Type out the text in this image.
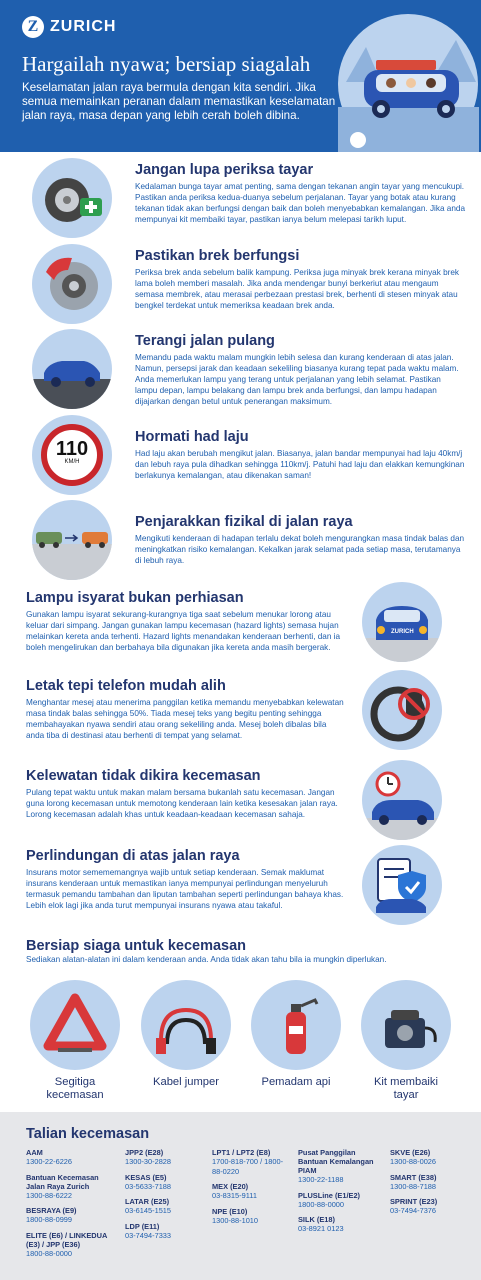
Z ZURICH
Hargailah nyawa; bersiap siagalah
Keselamatan jalan raya bermula dengan kita sendiri. Jika semua memainkan peranan dalam memastikan keselamatan jalan raya, masa depan yang lebih cerah boleh dibina.
Jangan lupa periksa tayar
Kedalaman bunga tayar amat penting, sama dengan tekanan angin tayar yang mencukupi. Pastikan anda periksa kedua-duanya sebelum perjalanan. Tayar yang botak atau kurang tekanan tidak akan berfungsi dengan baik dan boleh menyebabkan kemalangan. Jika anda mempunyai kit membaiki tayar, pastikan ianya belum melepasi tarikh luput.
Pastikan brek berfungsi
Periksa brek anda sebelum balik kampung. Periksa juga minyak brek kerana minyak brek lama boleh memberi masalah. Jika anda mendengar bunyi berkeriut atau mengaum semasa membrek, atau merasai perbezaan prestasi brek, berhenti di stesen minyak atau bengkel terdekat untuk memeriksa keadaan brek anda.
Terangi jalan pulang
Memandu pada waktu malam mungkin lebih selesa dan kurang kenderaan di atas jalan. Namun, persepsi jarak dan keadaan sekeliling biasanya kurang tepat pada waktu malam. Anda memerlukan lampu yang terang untuk perjalanan yang lebih selamat. Pastikan lampu depan, lampu belakang dan lampu brek anda berfungsi, dan lampu hadapan dijajarkan dengan betul untuk penerangan maksimum.
110
KM/H
Hormati had laju
Had laju akan berubah mengikut jalan. Biasanya, jalan bandar mempunyai had laju 40km/j dan lebuh raya pula dihadkan sehingga 110km/j. Patuhi had laju dan elakkan kemungkinan berlakunya kemalangan, atau dikenakan saman!
Penjarakkan fizikal di jalan raya
Mengikuti kenderaan di hadapan terlalu dekat boleh mengurangkan masa tindak balas dan meningkatkan risiko kemalangan. Kekalkan jarak selamat pada setiap masa, terutamanya di lebuh raya.
Lampu isyarat bukan perhiasan
Gunakan lampu isyarat sekurang-kurangnya tiga saat sebelum menukar lorong atau keluar dari simpang. Jangan gunakan lampu kecemasan (hazard lights) semasa hujan melainkan kereta anda terhenti. Hazard lights menandakan kenderaan berhenti, dan ia boleh mengelirukan dan berbahaya bila digunakan jika kereta anda masih bergerak.
ZURICH
Letak tepi telefon mudah alih
Menghantar mesej atau menerima panggilan ketika memandu menyebabkan kelewatan masa tindak balas sehingga 50%. Tiada mesej teks yang begitu penting sehingga membahayakan nyawa sendiri atau orang sekeliling anda. Mesej boleh dibalas bila anda tiba di destinasi atau berhenti di tempat yang selamat.
Kelewatan tidak dikira kecemasan
Pulang tepat waktu untuk makan malam bersama bukanlah satu kecemasan. Jangan guna lorong kecemasan untuk memotong kenderaan lain ketika kesesakan jalan raya. Lorong kecemasan adalah khas untuk keadaan-keadaan kecemasan sahaja.
Perlindungan di atas jalan raya
Insurans motor semememangnya wajib untuk setiap kenderaan. Semak maklumat insurans kenderaan untuk memastikan ianya mempunyai perlindungan menyeluruh termasuk pemandu tambahan dan liputan tambahan seperti perlindungan bahaya khas. Lebih elok lagi jika anda turut mempunyai insurans nyawa atau takaful.
Bersiap siaga untuk kecemasan
Sediakan alatan-alatan ini dalam kenderaan anda. Anda tidak akan tahu bila ia mungkin diperlukan.
Segitiga kecemasan
Kabel jumper	Pemadam api	Kit membaiki tayar
Talian kecemasan
AAM
1300-22-6226
Bantuan Kecemasan Jalan Raya Zurich
1300-88-6222
BESRAYA (E9)
1800-88-0999
ELITE (E6) / LINKEDUA (E3) / JPP (E36)
1800-88-0000
JPP2 (E28)
1300-30-2828
KESAS (E5)
03-5633-7188
LATAR (E25)
03-6145-1515
LDP (E11)
03-7494-7333
LPT1 / LPT2 (E8)
1700-818-700 / 1800-88-0220
MEX (E20)
03-8315-9111
NPE (E10)
1300-88-1010
Pusat Panggilan Bantuan Kemalangan PIAM
1300-22-1188
PLUSLine (E1/E2)
1800-88-0000
SILK (E18)
03-8921 0123
SKVE (E26)
1300-88-0026
SMART (E38)
1300-88-7188
SPRINT (E23)
03-7494-7376
